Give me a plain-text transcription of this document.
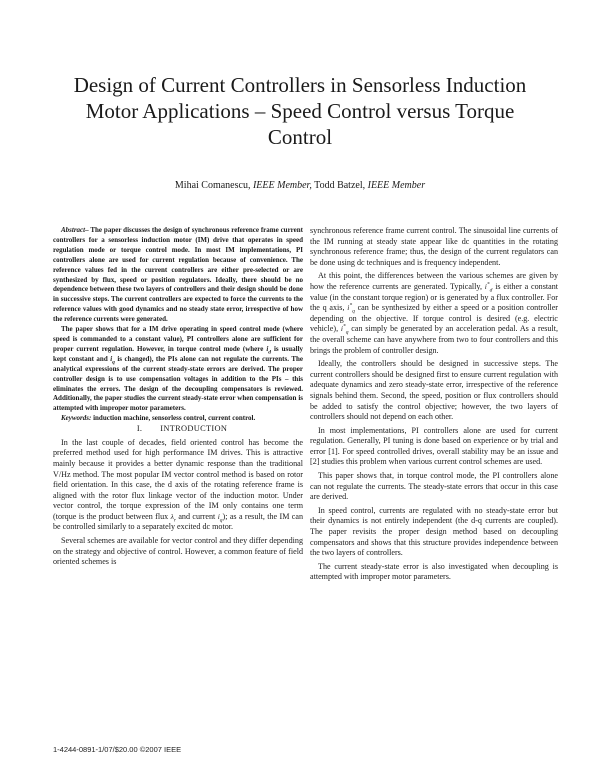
Design of Current Controllers in Sensorless Induction Motor Applications – Speed Control versus Torque Control
Mihai Comanescu, IEEE Member, Todd Batzel, IEEE Member

Abstract– The paper discusses the design of synchronous reference frame current controllers for a sensorless induction motor (IM) drive that operates in speed regulation mode or torque control mode. In most IM implementations, PI controllers alone are used for current regulation because of convenience. The reference values fed in the current controllers are either pre-selected or are synthesized by flux, speed or position regulators. Ideally, there should be no dependence between these two layers of controllers and their design should be done in successive steps. The current controllers are expected to force the currents to the reference values with good dynamics and no steady state error, irrespective of how the reference currents were generated.

The paper shows that for a IM drive operating in speed control mode (where speed is commanded to a constant value), PI controllers alone are sufficient for proper current regulation. However, in torque control mode (where $i_d$ is usually kept constant and $i_q$ is changed), the PIs alone can not regulate the currents. The analytical expressions of the current steady-state errors are derived. The proper controller design is to use compensation voltages in addition to the PIs – this eliminates the errors. The design of the decoupling compensators is reviewed. Additionally, the paper studies the current steady-state error when compensation is attempted with improper motor parameters.

Keywords: induction machine, sensorless control, current control.

I. INTRODUCTION

In the last couple of decades, field oriented control has become the preferred method used for high performance IM drives. This is attractive mainly because it provides a better dynamic response than the traditional V/Hz method. The most popular IM vector control method is based on rotor field orientation. In this case, the d axis of the rotating reference frame is aligned with the rotor flux linkage vector of the induction motor. Under vector control, the torque expression of the IM only contains one term (torque is the product between flux $\lambda_r$ and current $i_q$); as a result, the IM can be controlled similarly to a separately excited dc motor.

Several schemes are available for vector control and they differ depending on the strategy and objective of control. However, a common feature of field oriented schemes is

synchronous reference frame current control. The sinusoidal line currents of the IM running at steady state appear like dc quantities in the rotating synchronous reference frame; thus, the design of the current regulators can be done using dc techniques and is frequency independent.

At this point, the differences between the various schemes are given by how the reference currents are generated. Typically, $i^*_d$ is either a constant value (in the constant torque region) or is generated by a flux controller. For the q axis, $i^*_q$ can be synthesized by either a speed or a position controller depending on the objective. If torque control is desired (e.g. electric vehicle), $i^*_q$ can simply be generated by an acceleration pedal. As a result, the overall scheme can have anywhere from two to four controllers and this brings the problem of controller design.

Ideally, the controllers should be designed in successive steps. The current controllers should be designed first to ensure current regulation with adequate dynamics and zero steady-state error, irrespective of the reference signals behind them. Second, the speed, position or flux controllers should be added to satisfy the control objective; however, the two layers of controllers should not depend on each other.

In most implementations, PI controllers alone are used for current regulation. Generally, PI tuning is done based on experience or by trial and error [1]. For speed controlled drives, overall stability may be an issue and [2] studies this problem when various current control schemes are used.

This paper shows that, in torque control mode, the PI controllers alone can not regulate the currents. The steady-state errors that occur in this case are derived.

In speed control, currents are regulated with no steady-state error but their dynamics is not entirely independent (the d-q currents are coupled). The paper revisits the proper design method based on decoupling compensators and shows that this structure provides independence between the two layers of controllers.

The current steady-state error is also investigated when decoupling is attempted with improper motor parameters.

1-4244-0891-1/07/$20.00 ©2007 IEEE
